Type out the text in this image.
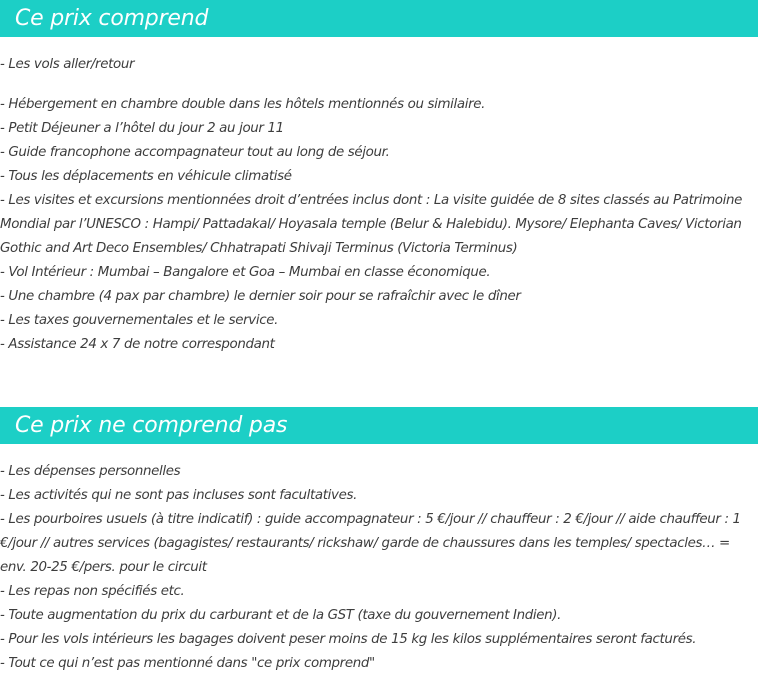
Ce prix comprend
- Les vols aller/retour
- Hébergement en chambre double dans les hôtels mentionnés ou similaire.
- Petit Déjeuner a l’hôtel du jour 2 au jour 11
- Guide francophone accompagnateur tout au long de séjour.
- Tous les déplacements en véhicule climatisé
- Les visites et excursions mentionnées droit d’entrées inclus dont : La visite guidée de 8 sites classés au Patrimoine Mondial par l’UNESCO : Hampi/ Pattadakal/ Hoyasala temple (Belur & Halebidu). Mysore/ Elephanta Caves/ Victorian Gothic and Art Deco Ensembles/ Chhatrapati Shivaji Terminus (Victoria Terminus)
- Vol Intérieur : Mumbai – Bangalore et Goa – Mumbai en classe économique.
- Une chambre (4 pax par chambre) le dernier soir pour se rafraîchir avec le dîner
- Les taxes gouvernementales et le service.
- Assistance 24 x 7 de notre correspondant
Ce prix ne comprend pas
- Les dépenses personnelles
- Les activités qui ne sont pas incluses sont facultatives.
- Les pourboires usuels (à titre indicatif) : guide accompagnateur : 5 €/jour // chauffeur : 2 €/jour // aide chauffeur : 1 €/jour // autres services (bagagistes/ restaurants/ rickshaw/ garde de chaussures dans les temples/ spectacles… = env. 20-25 €/pers. pour le circuit
- Les repas non spécifiés etc.
- Toute augmentation du prix du carburant et de la GST (taxe du gouvernement Indien).
- Pour les vols intérieurs les bagages doivent peser moins de 15 kg les kilos supplémentaires seront facturés.
- Tout ce qui n’est pas mentionné dans "ce prix comprend"
